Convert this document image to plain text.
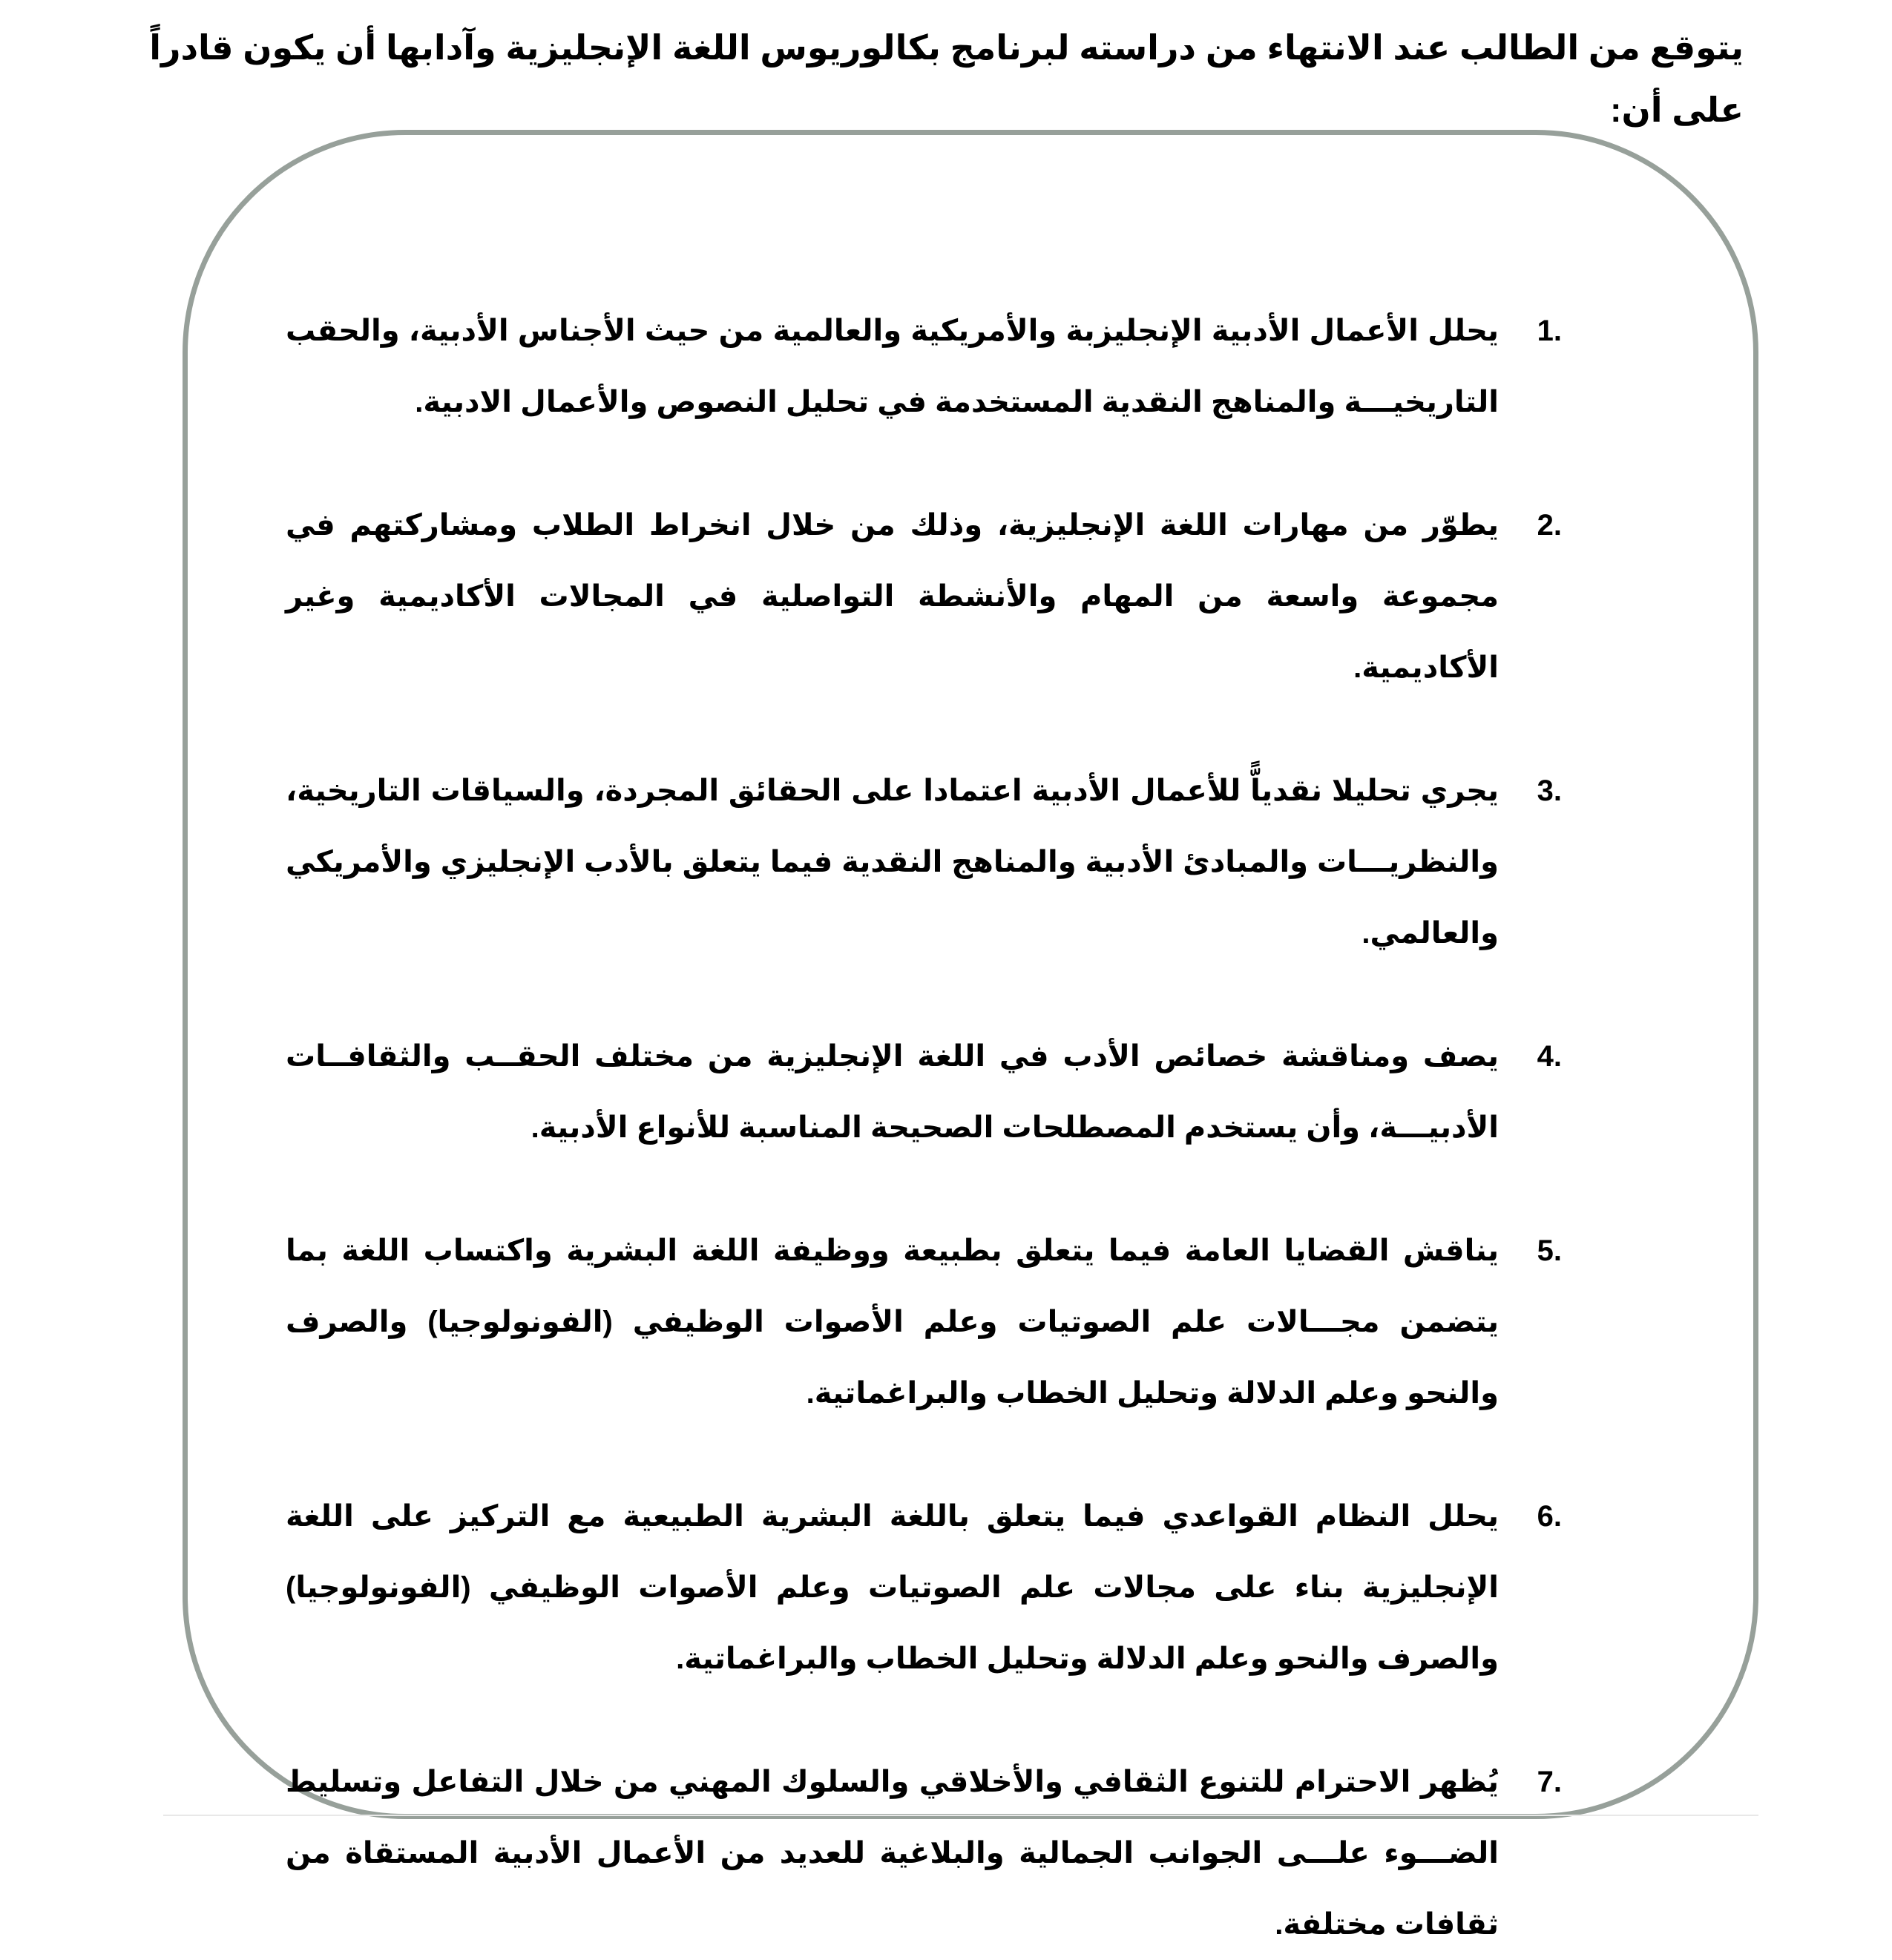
يتوقع من الطالب عند الانتهاء من دراسته لبرنامج بكالوريوس اللغة الإنجليزية وآدابها أن يكون قادراً على أن:
1.
يحلل الأعمال الأدبية الإنجليزبة والأمريكية والعالمية من حيث الأجناس الأدبية، والحقب التاريخيـــة والمناهج النقدية المستخدمة في تحليل النصوص والأعمال الادبية.
2.
يطوّر من مهارات اللغة الإنجليزية، وذلك من خلال انخراط الطلاب ومشاركتهم في مجموعة واسعة من المهام والأنشطة التواصلية في المجالات الأكاديمية وغير الأكاديمية.
3.
يجري تحليلا نقدياًّ للأعمال الأدبية اعتمادا على الحقائق المجردة، والسياقات التاريخية، والنظريـــات والمبادئ الأدبية والمناهج النقدية فيما يتعلق بالأدب الإنجليزي والأمريكي والعالمي.
4.
يصف ومناقشة خصائص الأدب في اللغة الإنجليزية من مختلف الحقــب والثقافــات الأدبيـــة، وأن يستخدم المصطلحات الصحيحة المناسبة للأنواع الأدبية.
5.
يناقش القضايا العامة فيما يتعلق بطبيعة ووظيفة اللغة البشرية واكتساب اللغة بما يتضمن مجـــالات علم الصوتيات وعلم الأصوات الوظيفي (الفونولوجيا) والصرف والنحو وعلم الدلالة وتحليل الخطاب والبراغماتية.
6.
يحلل النظام القواعدي فيما يتعلق باللغة البشرية الطبيعية مع التركيز على اللغة الإنجليزية بناء على مجالات علم الصوتيات وعلم الأصوات الوظيفي (الفونولوجيا) والصرف والنحو وعلم الدلالة وتحليل الخطاب والبراغماتية.
7.
يُظهر الاحترام للتنوع الثقافي والأخلاقي والسلوك المهني من خلال التفاعل وتسليط الضـــوء علـــى الجوانب الجمالية والبلاغية للعديد من الأعمال الأدبية المستقاة من ثقافات مختلفة.
